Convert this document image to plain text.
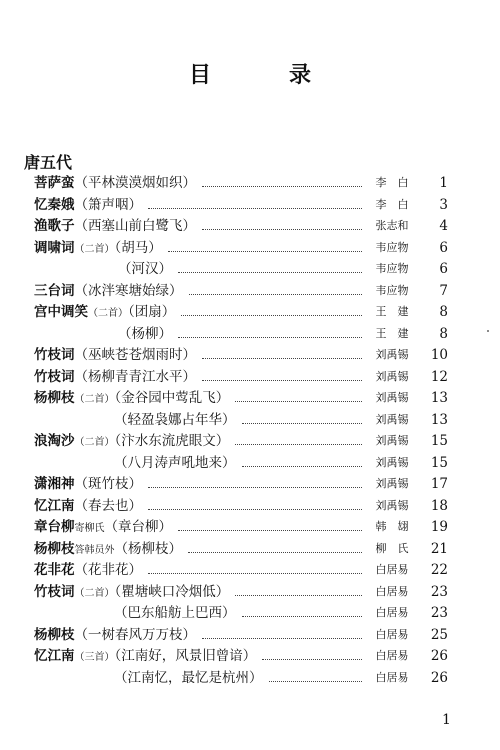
目　录
唐五代
菩萨蛮（平林漠漠烟如织）	李　白	1
忆秦娥（箫声咽）	李　白	3
渔歌子（西塞山前白鹭飞）	张志和	4
调啸词（二首）（胡马）	韦应物	6
（河汉）	韦应物	6
三台词（冰泮寒塘始绿）	韦应物	7
宫中调笑（二首）（团扇）	王　建	8
（杨柳）	王　建	8
竹枝词（巫峡苍苍烟雨时）	刘禹锡	10
竹枝词（杨柳青青江水平）	刘禹锡	12
杨柳枝（二首）（金谷园中莺乱飞）	刘禹锡	13
（轻盈袅娜占年华）	刘禹锡	13
浪淘沙（二首）（汴水东流虎眼文）	刘禹锡	15
（八月涛声吼地来）	刘禹锡	15
潇湘神（斑竹枝）	刘禹锡	17
忆江南（春去也）	刘禹锡	18
章台柳寄柳氏（章台柳）	韩　翃	19
杨柳枝答韩员外（杨柳枝）	柳　氏	21
花非花（花非花）	白居易	22
竹枝词（二首）（瞿塘峡口冷烟低）	白居易	23
（巴东船舫上巴西）	白居易	23
杨柳枝（一树春风万万枝）	白居易	25
忆江南（三首）（江南好，风景旧曾谙）	白居易	26
（江南忆，最忆是杭州）	白居易	26
1
